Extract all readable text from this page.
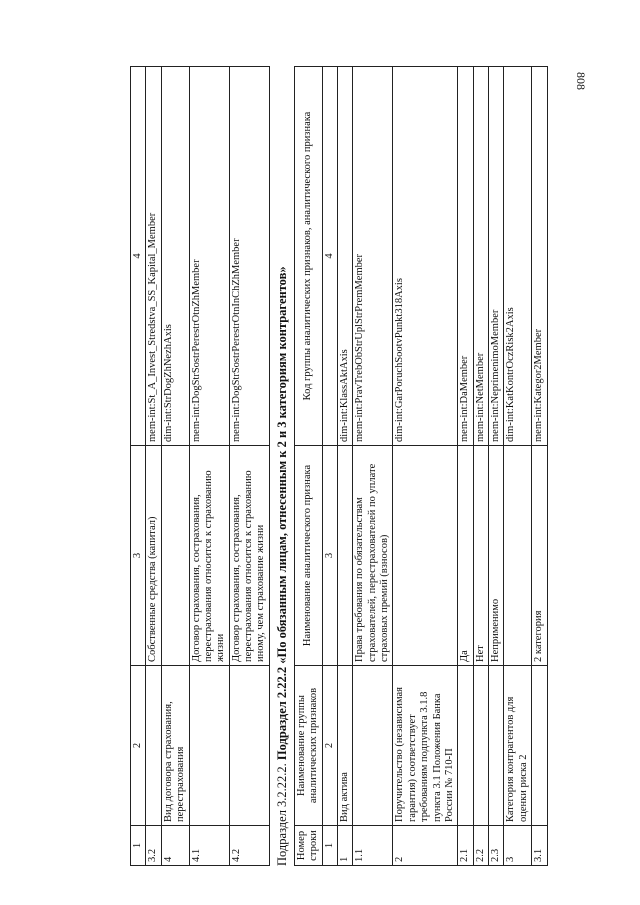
808
1	2	3	4
3.2		Собственные средства (капитал)	mem-int:St_A_Invest_Stredstva_SS_Kapital_Member
4	Вид договора страхования, перестрахования		dim-int:StrDogZhNezhAxis
4.1		Договор страхования, сострахования, перестрахования относится к страхованию жизни	mem-int:DogStrSostrPerestrOtnZhMember
4.2		Договор страхования, сострахования, перестрахования относится к страхованию иному, чем страхование жизни	mem-int:DogStrSostrPerestrOtnInChZhMember
Подраздел 3.2.22.2. Подраздел 2.22.2 «По обязанным лицам, отнесенным к 2 и 3 категориям контрагентов»
Номер строки	Наименование группы аналитических признаков	Наименование аналитического признака	Код группы аналитических признаков, аналитического признака
1	2	3	4
1	Вид актива		dim-int:KlassAktAxis
1.1		Права требования по обязательствам страхователей, перестрахователей по уплате страховых премий (взносов)	mem-int:PravTrebObStrUplStrPremMember
2	Поручительство (независимая гарантия) соответствует требованиям подпункта 3.1.8 пункта 3.1 Положения Банка России № 710-П		dim-int:GarPoruchSootvPunkt318Axis
2.1		Да	mem-int:DaMember
2.2		Нет	mem-int:NetMember
2.3		Неприменимо	mem-int:NeprimenimoMember
3	Категория контрагентов для оценки риска 2		dim-int:KatKontrOczRisk2Axis
3.1		2 категория	mem-int:Kategor2Member
